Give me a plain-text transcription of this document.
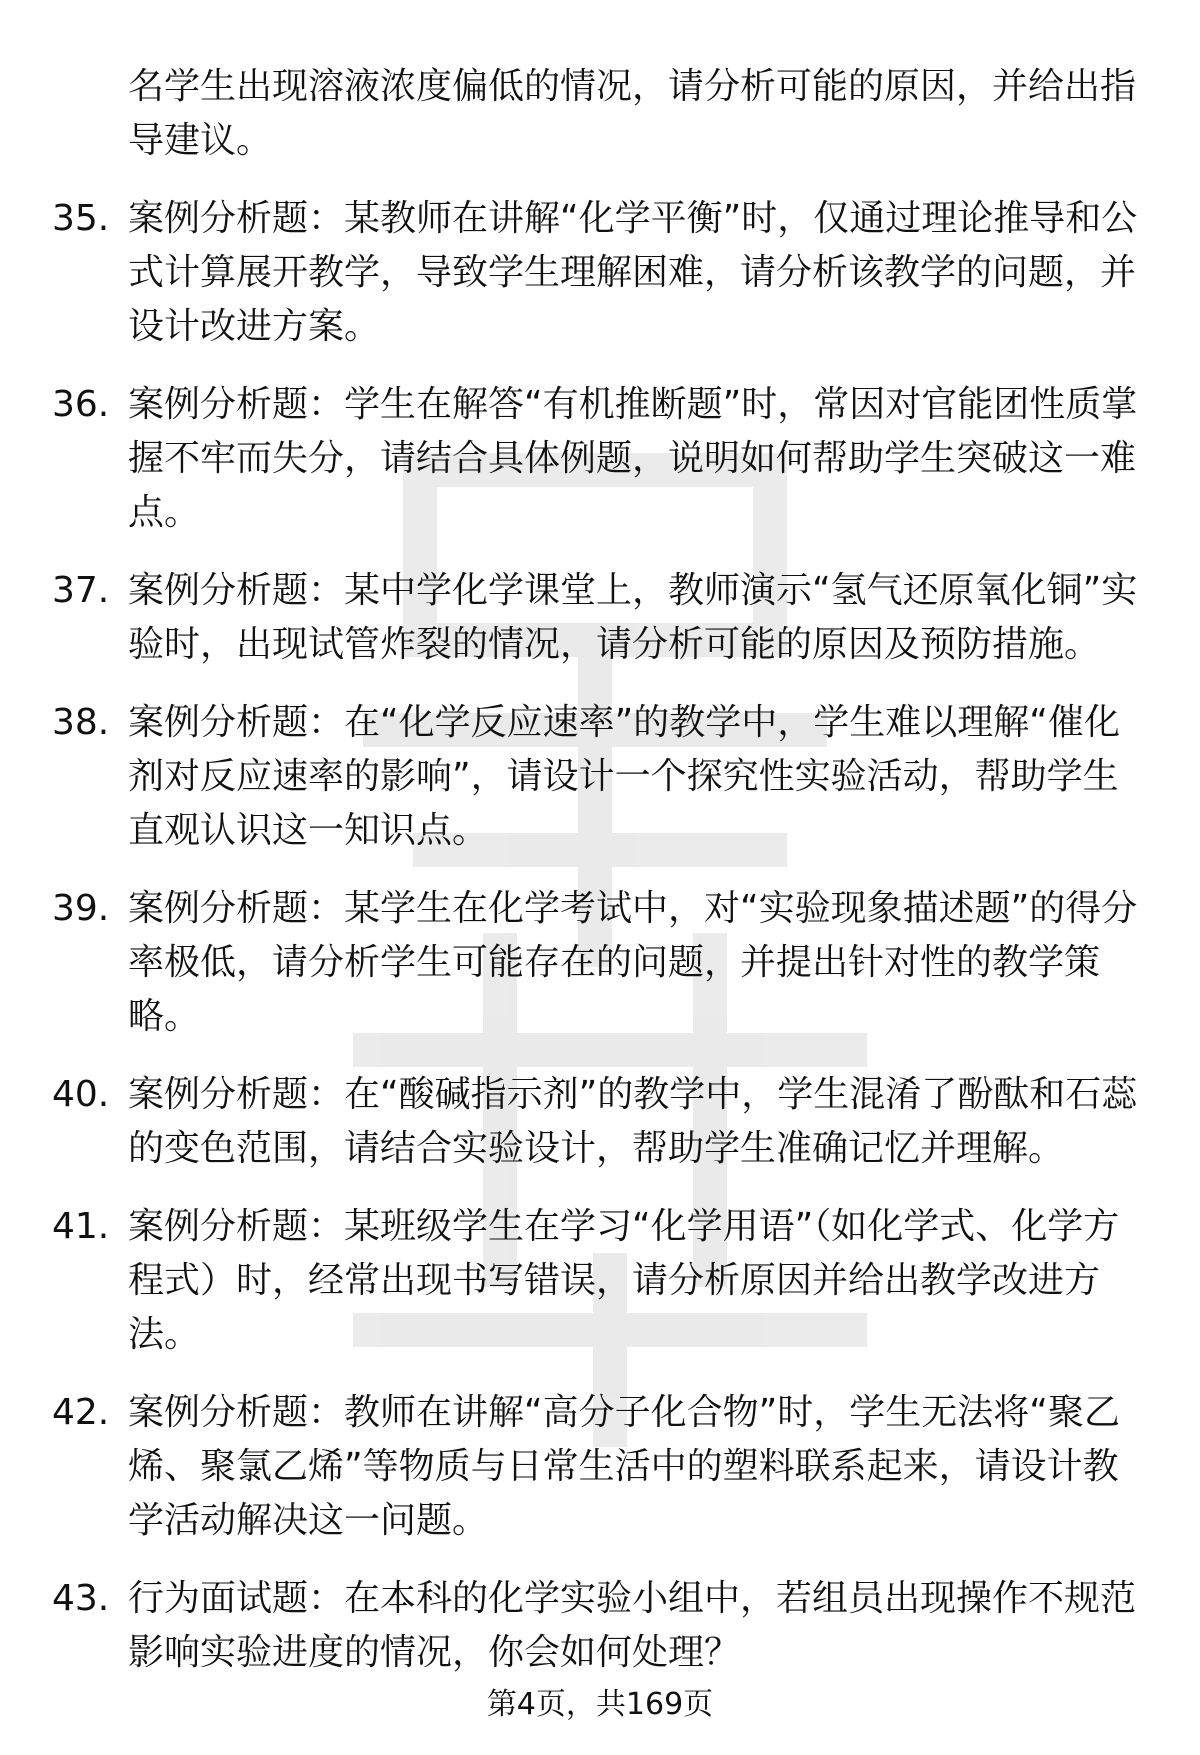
名学生出现溶液浓度偏低的情况，请分析可能的原因，并给出指导建议。
35. 案例分析题：某教师在讲解“化学平衡”时，仅通过理论推导和公式计算展开教学，导致学生理解困难，请分析该教学的问题，并设计改进方案。
36. 案例分析题：学生在解答“有机推断题”时，常因对官能团性质掌握不牢而失分，请结合具体例题，说明如何帮助学生突破这一难点。
37. 案例分析题：某中学化学课堂上，教师演示“氢气还原氧化铜”实验时，出现试管炸裂的情况，请分析可能的原因及预防措施。
38. 案例分析题：在“化学反应速率”的教学中，学生难以理解“催化剂对反应速率的影响”，请设计一个探究性实验活动，帮助学生直观认识这一知识点。
39. 案例分析题：某学生在化学考试中，对“实验现象描述题”的得分率极低，请分析学生可能存在的问题，并提出针对性的教学策略。
40. 案例分析题：在“酸碱指示剂”的教学中，学生混淆了酚酞和石蕊的变色范围，请结合实验设计，帮助学生准确记忆并理解。
41. 案例分析题：某班级学生在学习“化学用语”（如化学式、化学方程式）时，经常出现书写错误，请分析原因并给出教学改进方法。
42. 案例分析题：教师在讲解“高分子化合物”时，学生无法将“聚乙烯、聚氯乙烯”等物质与日常生活中的塑料联系起来，请设计教学活动解决这一问题。
43. 行为面试题：在本科的化学实验小组中，若组员出现操作不规范影响实验进度的情况，你会如何处理？
第4页，共169页
